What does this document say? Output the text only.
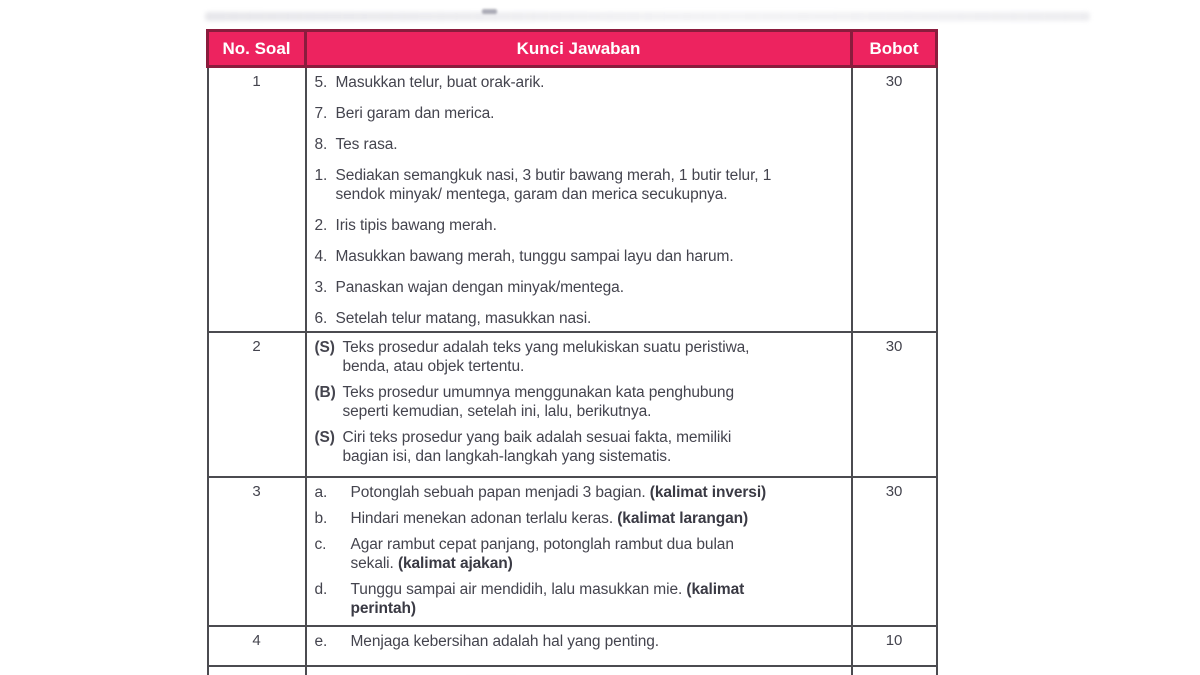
No. Soal	Kunci Jawaban	Bobot
1	5. Masukkan telur, buat orak-arik.
7. Beri garam dan merica.
8. Tes rasa.
1. Sediakan semangkuk nasi, 3 butir bawang merah, 1 butir telur, 1
sendok minyak/ mentega, garam dan merica secukupnya.
2. Iris tipis bawang merah.
4. Masukkan bawang merah, tunggu sampai layu dan harum.
3. Panaskan wajan dengan minyak/mentega.
6. Setelah telur matang, masukkan nasi.
	30
2	(S) Teks prosedur adalah teks yang melukiskan suatu peristiwa,
benda, atau objek tertentu.
(B) Teks prosedur umumnya menggunakan kata penghubung
seperti kemudian, setelah ini, lalu, berikutnya.
(S) Ciri teks prosedur yang baik adalah sesuai fakta, memiliki
bagian isi, dan langkah-langkah yang sistematis.
	30
3	a.	Potonglah sebuah papan menjadi 3 bagian. (kalimat inversi)
b.	Hindari menekan adonan terlalu keras. (kalimat larangan)
c.	Agar rambut cepat panjang, potonglah rambut dua bulan
sekali. (kalimat ajakan)
d.	Tunggu sampai air mendidih, lalu masukkan mie. (kalimat
perintah)
	30
4	e. Menjaga kebersihan adalah hal yang penting.	10
